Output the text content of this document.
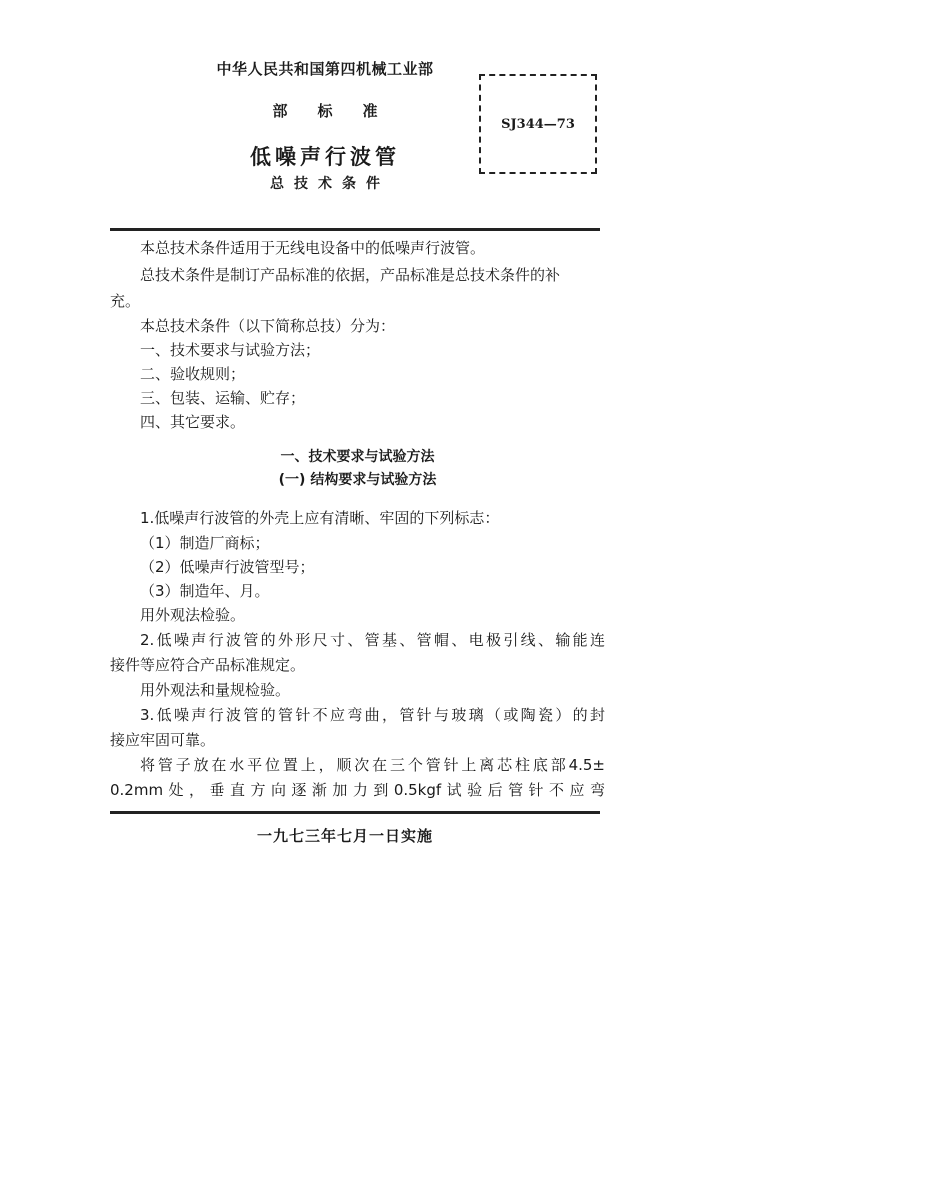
中华人民共和国第四机械工业部
部标准
低噪声行波管
总技术条件
SJ344—73
本总技术条件适用于无线电设备中的低噪声行波管。
总技术条件是制订产品标准的依据，产品标准是总技术条件的补
充。
本总技术条件（以下简称总技）分为：
一、技术要求与试验方法；
二、验收规则；
三、包装、运输、贮存；
四、其它要求。
一、技术要求与试验方法
(一) 结构要求与试验方法
1.低噪声行波管的外壳上应有清晰、牢固的下列标志：
（1）制造厂商标；
（2）低噪声行波管型号；
（3）制造年、月。
用外观法检验。
2.低噪声行波管的外形尺寸、管基、管帽、电极引线、输能连
接件等应符合产品标准规定。
用外观法和量规检验。
3.低噪声行波管的管针不应弯曲，管针与玻璃（或陶瓷）的封
接应牢固可靠。
将管子放在水平位置上，顺次在三个管针上离芯柱底部4.5±
0.2mm处，垂直方向逐渐加力到0.5kgf试验后管针不应弯
一九七三年七月一日实施
